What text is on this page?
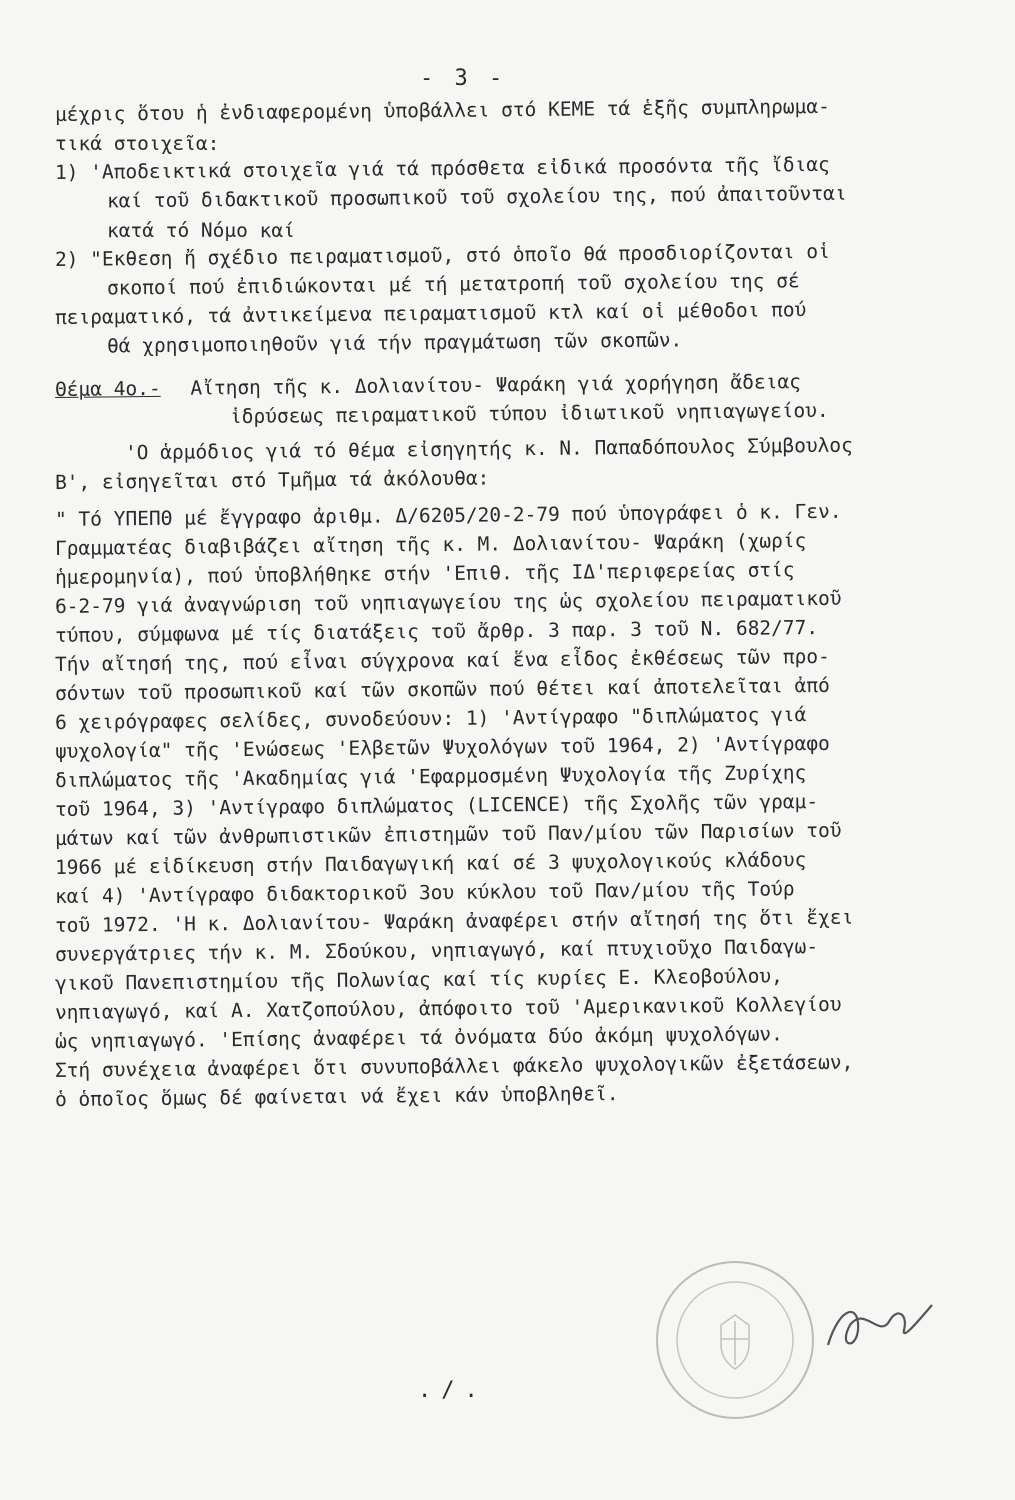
- 3 -
μέχρις ὅτου ἡ ἐνδιαφερομένη ὑποβάλλει στό ΚΕΜΕ τά ἑξῆς συμπληρωμα-
τικά στοιχεῖα:
1) 'Αποδεικτικά στοιχεῖα γιά τά πρόσθετα εἰδικά προσόντα τῆς ἴδιας
καί τοῦ διδακτικοῦ προσωπικοῦ τοῦ σχολείου της, πού ἀπαιτοῦνται
κατά τό Νόμο καί
2) "Εκθεση ἤ σχέδιο πειραματισμοῦ, στό ὁποῖο θά προσδιορίζονται οἱ
σκοποί πού ἐπιδιώκονται μέ τή μετατροπή τοῦ σχολείου της σέ
πειραματικό, τά ἀντικείμενα πειραματισμοῦ κτλ καί οἱ μέθοδοι πού
θά χρησιμοποιηθοῦν γιά τήν πραγμάτωση τῶν σκοπῶν.
Θέμα 4ο.- Αἴτηση τῆς κ. Δολιανίτου- Ψαράκη γιά χορήγηση ἄδειας
ἱδρύσεως πειραματικοῦ τύπου ἰδιωτικοῦ νηπιαγωγείου.
'Ο ἁρμόδιος γιά τό θέμα εἰσηγητής κ. Ν. Παπαδόπουλος Σύμβουλος
Β', εἰσηγεῖται στό Τμῆμα τά ἀκόλουθα:
" Τό ΥΠΕΠΘ μέ ἔγγραφο ἀριθμ. Δ/6205/20-2-79 πού ὑπογράφει ὁ κ. Γεν.
Γραμματέας διαβιβάζει αἴτηση τῆς κ. Μ. Δολιανίτου- Ψαράκη (χωρίς
ἡμερομηνία), πού ὑποβλήθηκε στήν 'Επιθ. τῆς ΙΔ'περιφερείας στίς
6-2-79 γιά ἀναγνώριση τοῦ νηπιαγωγείου της ὡς σχολείου πειραματικοῦ
τύπου, σύμφωνα μέ τίς διατάξεις τοῦ ἄρθρ. 3 παρ. 3 τοῦ Ν. 682/77.
Τήν αἴτησή της, πού εἶναι σύγχρονα καί ἕνα εἶδος ἐκθέσεως τῶν προ-
σόντων τοῦ προσωπικοῦ καί τῶν σκοπῶν πού θέτει καί ἀποτελεῖται ἀπό
6 χειρόγραφες σελίδες, συνοδεύουν: 1) 'Αντίγραφο "διπλώματος γιά
ψυχολογία" τῆς 'Ενώσεως 'Ελβετῶν Ψυχολόγων τοῦ 1964, 2) 'Αντίγραφο
διπλώματος τῆς 'Ακαδημίας γιά 'Εφαρμοσμένη Ψυχολογία τῆς Ζυρίχης
τοῦ 1964, 3) 'Αντίγραφο διπλώματος (LICENCE) τῆς Σχολῆς τῶν γραμ-
μάτων καί τῶν ἀνθρωπιστικῶν ἐπιστημῶν τοῦ Παν/μίου τῶν Παρισίων τοῦ
1966 μέ εἰδίκευση στήν Παιδαγωγική καί σέ 3 ψυχολογικούς κλάδους
καί 4) 'Αντίγραφο διδακτορικοῦ 3ου κύκλου τοῦ Παν/μίου τῆς Τούρ
τοῦ 1972. 'Η κ. Δολιανίτου- Ψαράκη ἀναφέρει στήν αἴτησή της ὅτι ἔχει
συνεργάτριες τήν κ. Μ. Σδούκου, νηπιαγωγό, καί πτυχιοῦχο Παιδαγω-
γικοῦ Πανεπιστημίου τῆς Πολωνίας καί τίς κυρίες Ε. Κλεοβούλου,
νηπιαγωγό, καί Α. Χατζοπούλου, ἀπόφοιτο τοῦ 'Αμερικανικοῦ Κολλεγίου
ὡς νηπιαγωγό. 'Επίσης ἀναφέρει τά ὀνόματα δύο ἀκόμη ψυχολόγων.
Στή συνέχεια ἀναφέρει ὅτι συνυποβάλλει φάκελο ψυχολογικῶν ἐξετάσεων,
ὁ ὁποῖος ὅμως δέ φαίνεται νά ἔχει κάν ὑποβληθεῖ.
./.
